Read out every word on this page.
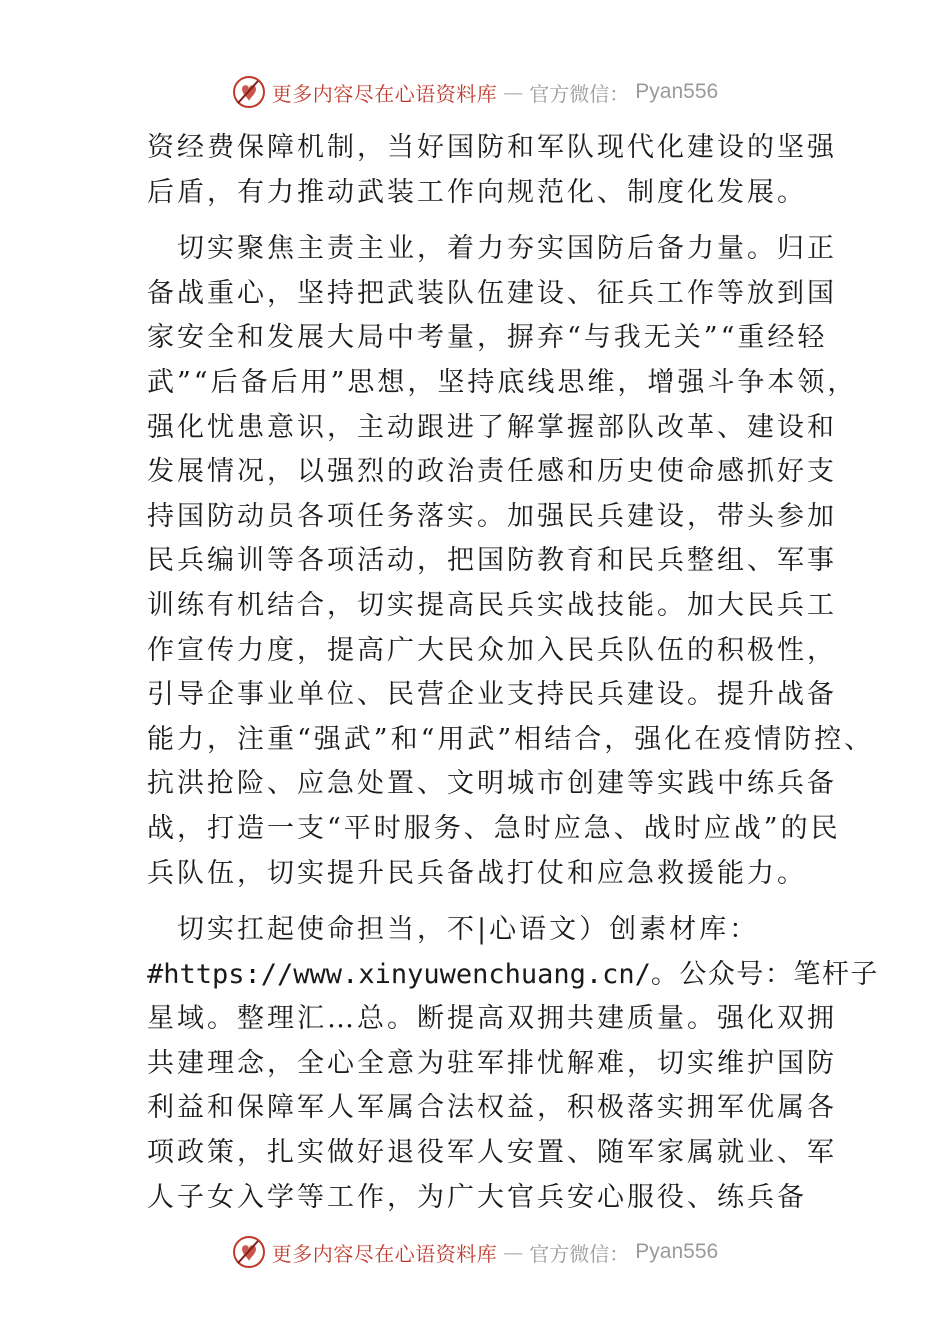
更多内容尽在心语资料库 — 官方微信： Pyan556
资经费保障机制，当好国防和军队现代化建设的坚强
后盾，有力推动武装工作向规范化、制度化发展。
切实聚焦主责主业，着力夯实国防后备力量。归正
备战重心，坚持把武装队伍建设、征兵工作等放到国
家安全和发展大局中考量，摒弃“与我无关”“重经轻
武”“后备后用”思想，坚持底线思维，增强斗争本领，
强化忧患意识，主动跟进了解掌握部队改革、建设和
发展情况，以强烈的政治责任感和历史使命感抓好支
持国防动员各项任务落实。加强民兵建设，带头参加
民兵编训等各项活动，把国防教育和民兵整组、军事
训练有机结合，切实提高民兵实战技能。加大民兵工
作宣传力度，提高广大民众加入民兵队伍的积极性，
引导企事业单位、民营企业支持民兵建设。提升战备
能力，注重“强武”和“用武”相结合，强化在疫情防控、
抗洪抢险、应急处置、文明城市创建等实践中练兵备
战，打造一支“平时服务、急时应急、战时应战”的民
兵队伍，切实提升民兵备战打仗和应急救援能力。
切实扛起使命担当，不|心语文）创素材库：
#https://www.xinyuwenchuang.cn/。公众号：笔杆子
星域。整理汇…总。断提高双拥共建质量。强化双拥
共建理念，全心全意为驻军排忧解难，切实维护国防
利益和保障军人军属合法权益，积极落实拥军优属各
项政策，扎实做好退役军人安置、随军家属就业、军
人子女入学等工作，为广大官兵安心服役、练兵备
更多内容尽在心语资料库 — 官方微信： Pyan556
